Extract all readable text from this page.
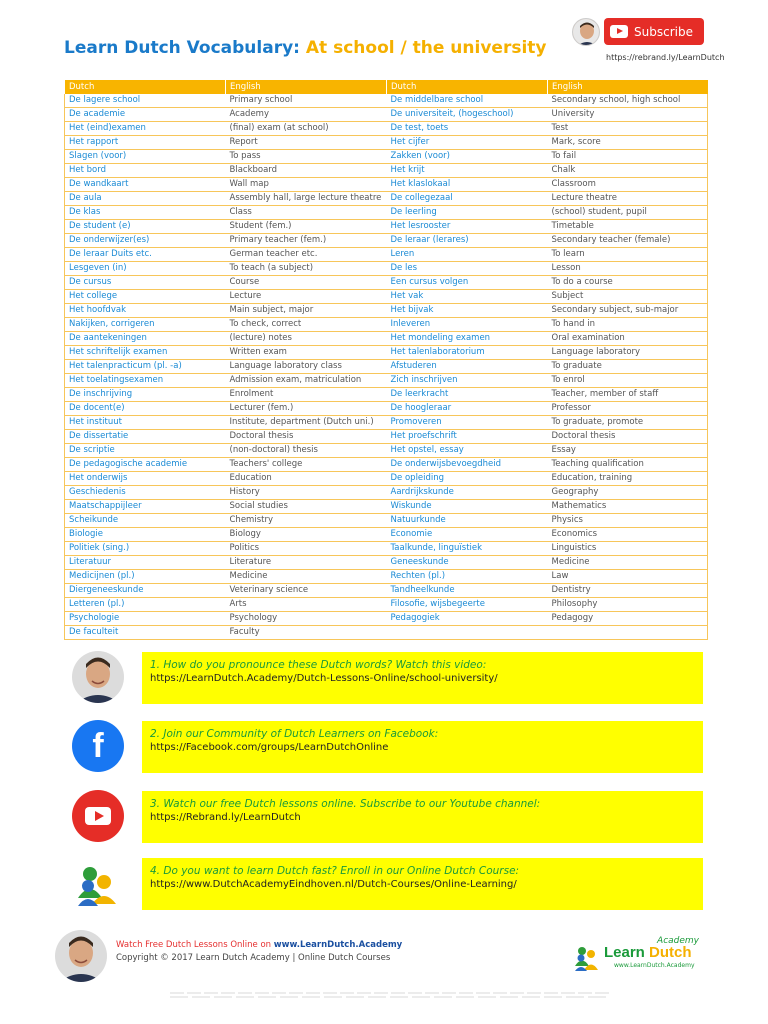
Learn Dutch Vocabulary: At school / the university
Subscribe
https://rebrand.ly/LearnDutch
Dutch	English	Dutch	English
De lagere school	Primary school	De middelbare school	Secondary school, high school
De academie	Academy	De universiteit, (hogeschool)	University
Het (eind)examen	(final) exam (at school)	De test, toets	Test
Het rapport	Report	Het cijfer	Mark, score
Slagen (voor)	To pass	Zakken (voor)	To fail
Het bord	Blackboard	Het krijt	Chalk
De wandkaart	Wall map	Het klaslokaal	Classroom
De aula	Assembly hall, large lecture theatre	De collegezaal	Lecture theatre
De klas	Class	De leerling	(school) student, pupil
De student (e)	Student (fem.)	Het lesrooster	Timetable
De onderwijzer(es)	Primary teacher (fem.)	De leraar (lerares)	Secondary teacher (female)
De leraar Duits etc.	German teacher etc.	Leren	To learn
Lesgeven (in)	To teach (a subject)	De les	Lesson
De cursus	Course	Een cursus volgen	To do a course
Het college	Lecture	Het vak	Subject
Het hoofdvak	Main subject, major	Het bijvak	Secondary subject, sub-major
Nakijken, corrigeren	To check, correct	Inleveren	To hand in
De aantekeningen	(lecture) notes	Het mondeling examen	Oral examination
Het schriftelijk examen	Written exam	Het talenlaboratorium	Language laboratory
Het talenpracticum (pl. -a)	Language laboratory class	Afstuderen	To graduate
Het toelatingsexamen	Admission exam, matriculation	Zich inschrijven	To enrol
De inschrijving	Enrolment	De leerkracht	Teacher, member of staff
De docent(e)	Lecturer (fem.)	De hoogleraar	Professor
Het instituut	Institute, department (Dutch uni.)	Promoveren	To graduate, promote
De dissertatie	Doctoral thesis	Het proefschrift	Doctoral thesis
De scriptie	(non-doctoral) thesis	Het opstel, essay	Essay
De pedagogische academie	Teachers' college	De onderwijsbevoegdheid	Teaching qualification
Het onderwijs	Education	De opleiding	Education, training
Geschiedenis	History	Aardrijkskunde	Geography
Maatschappijleer	Social studies	Wiskunde	Mathematics
Scheikunde	Chemistry	Natuurkunde	Physics
Biologie	Biology	Economie	Economics
Politiek (sing.)	Politics	Taalkunde, linguïstiek	Linguistics
Literatuur	Literature	Geneeskunde	Medicine
Medicijnen (pl.)	Medicine	Rechten (pl.)	Law
Diergeneeskunde	Veterinary science	Tandheelkunde	Dentistry
Letteren (pl.)	Arts	Filosofie, wijsbegeerte	Philosophy
Psychologie	Psychology	Pedagogiek	Pedagogy
De faculteit	Faculty		
1. How do you pronounce these Dutch words? Watch this video:
https://LearnDutch.Academy/Dutch-Lessons-Online/school-university/
f	2. Join our Community of Dutch Learners on Facebook:
https://Facebook.com/groups/LearnDutchOnline
3. Watch our free Dutch lessons online. Subscribe to our Youtube channel:
https://Rebrand.ly/LearnDutch
4. Do you want to learn Dutch fast? Enroll in our Online Dutch Course:
https://www.DutchAcademyEindhoven.nl/Dutch-Courses/Online-Learning/
Watch Free Dutch Lessons Online on www.LearnDutch.Academy
Copyright © 2017 Learn Dutch Academy | Online Dutch Courses
Academy
Learn Dutch
www.LearnDutch.Academy
